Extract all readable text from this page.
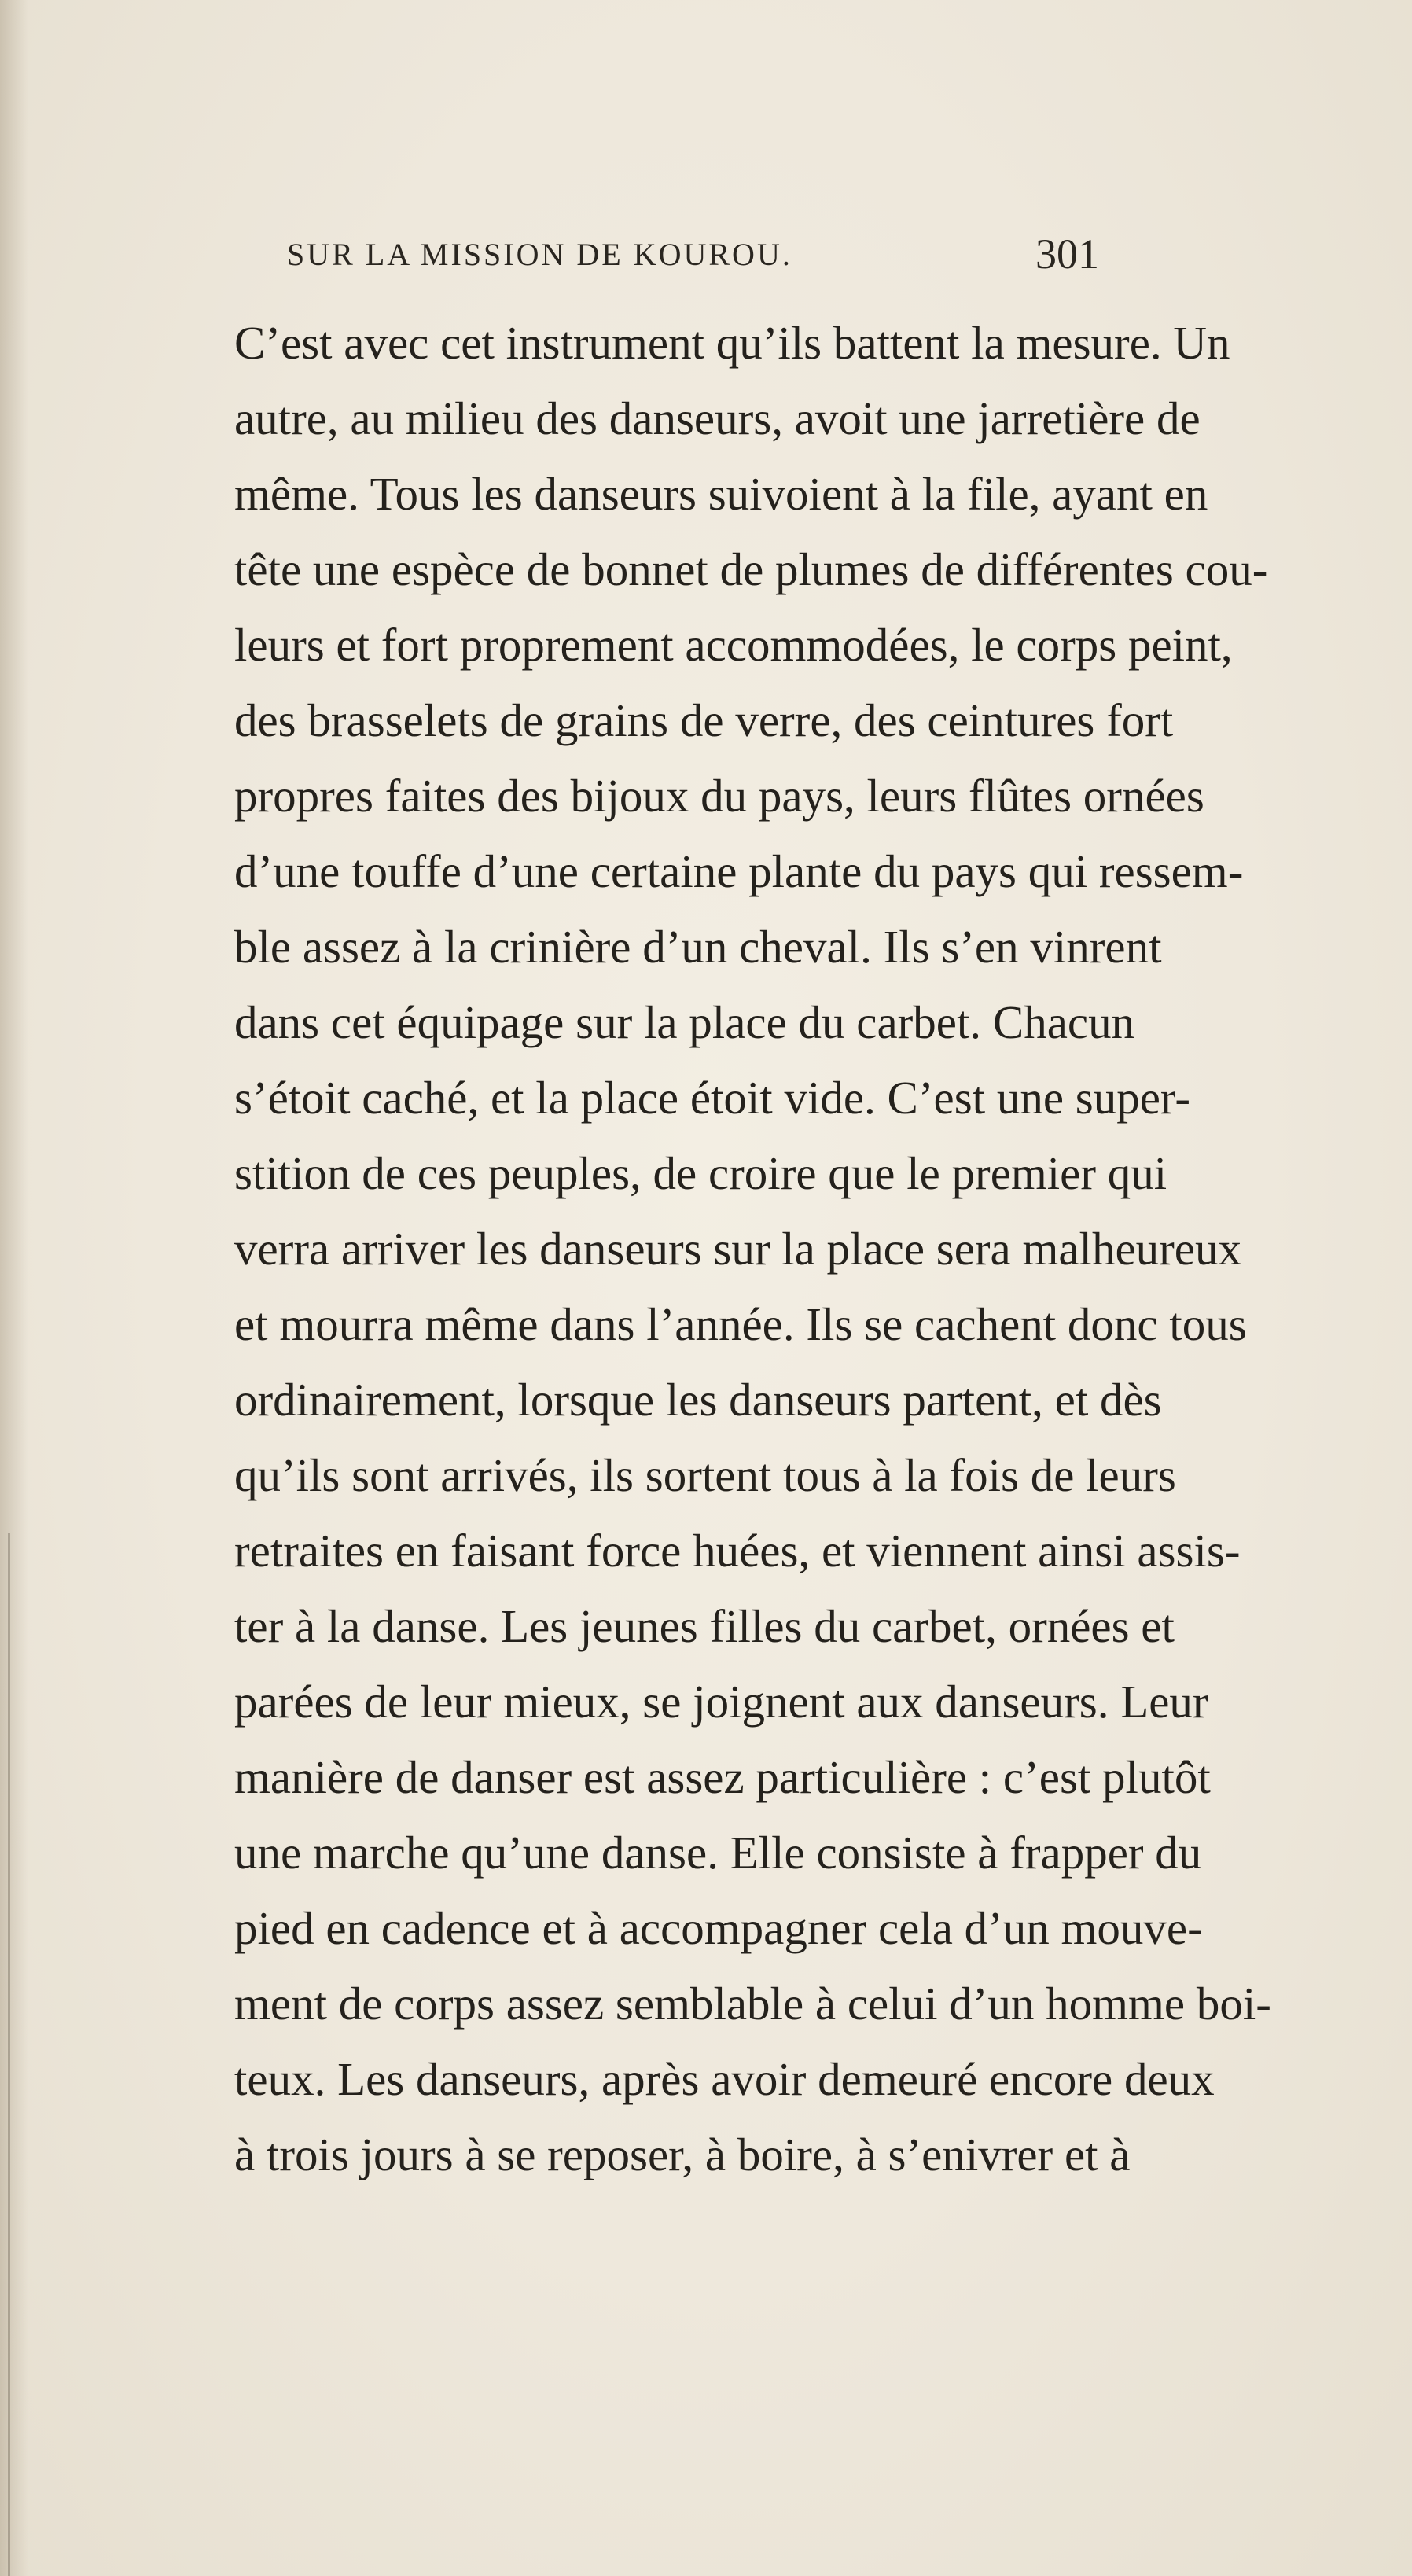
SUR LA MISSION DE KOUROU.	301
C’est avec cet instrument qu’ils battent la mesure. Un
autre, au milieu des danseurs, avoit une jarretière de
même. Tous les danseurs suivoient à la file, ayant en
tête une espèce de bonnet de plumes de différentes cou-
leurs et fort proprement accommodées, le corps peint,
des brasselets de grains de verre, des ceintures fort
propres faites des bijoux du pays, leurs flûtes ornées
d’une touffe d’une certaine plante du pays qui ressem-
ble assez à la crinière d’un cheval. Ils s’en vinrent
dans cet équipage sur la place du carbet. Chacun
s’étoit caché, et la place étoit vide. C’est une super-
stition de ces peuples, de croire que le premier qui
verra arriver les danseurs sur la place sera malheureux
et mourra même dans l’année. Ils se cachent donc tous
ordinairement, lorsque les danseurs partent, et dès
qu’ils sont arrivés, ils sortent tous à la fois de leurs
retraites en faisant force huées, et viennent ainsi assis-
ter à la danse. Les jeunes filles du carbet, ornées et
parées de leur mieux, se joignent aux danseurs. Leur
manière de danser est assez particulière : c’est plutôt
une marche qu’une danse. Elle consiste à frapper du
pied en cadence et à accompagner cela d’un mouve-
ment de corps assez semblable à celui d’un homme boi-
teux. Les danseurs, après avoir demeuré encore deux
à trois jours à se reposer, à boire, à s’enivrer et à
